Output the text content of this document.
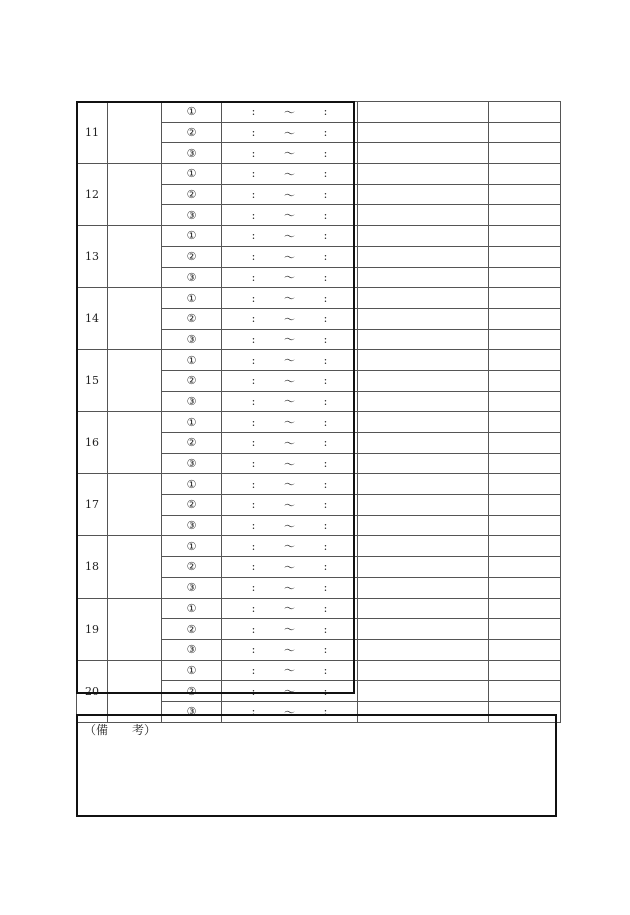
11		①	: ～ :		

		②	: ～ :		

		③	: ～ :		

12		①	: ～ :		

		②	: ～ :		

		③	: ～ :		

13		①	: ～ :		

		②	: ～ :		

		③	: ～ :		

14		①	: ～ :		

		②	: ～ :		

		③	: ～ :		

15		①	: ～ :		

		②	: ～ :		

		③	: ～ :		

16		①	: ～ :		

		②	: ～ :		

		③	: ～ :		

17		①	: ～ :		

		②	: ～ :		

		③	: ～ :		

18		①	: ～ :		

		②	: ～ :		

		③	: ～ :		

19		①	: ～ :		

		②	: ～ :		

		③	: ～ :		

20		①	: ～ :		

		②	: ～ :		

		③	: ～ :		

（備　　考）
